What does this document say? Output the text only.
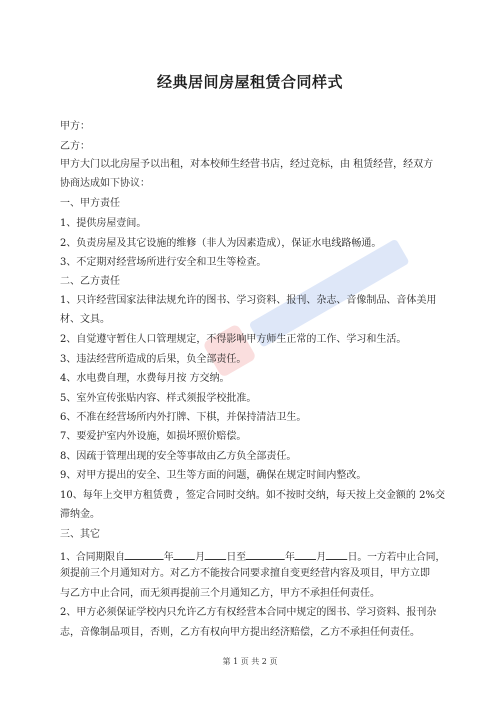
经典居间房屋租赁合同样式
甲方：
乙方：
甲方大门以北房屋予以出租，对本校师生经营书店，经过竞标，由 租赁经营，经双方
协商达成如下协议：
一、甲方责任
1、提供房屋壹间。
2、负责房屋及其它设施的维修（非人为因素造成），保证水电线路畅通。
3、不定期对经营场所进行安全和卫生等检查。
二、乙方责任
1、只许经营国家法律法规允许的图书、学习资料、报刊、杂志、音像制品、音体美用
材、文具。
2、自觉遵守暂住人口管理规定，不得影响甲方师生正常的工作、学习和生活。
3、违法经营所造成的后果，负全部责任。
4、水电费自理，水费每月按 方交纳。
5、室外宣传张贴内容、样式须报学校批准。
6、不准在经营场所内外打牌、下棋，并保持清洁卫生。
7、要爱护室内外设施，如损坏照价赔偿。
8、因疏于管理出现的安全等事故由乙方负全部责任。
9、对甲方提出的安全、卫生等方面的问题，确保在规定时间内整改。
10、每年上交甲方租赁费 ，签定合同时交纳。如不按时交纳，每天按上交金额的 2%交
滞纳金。
三、其它
1、合同期限自	年 月 日至	年 月 日。一方若中止合同，
须提前三个月通知对方。对乙方不能按合同要求擅自变更经营内容及项目，甲方立即
与乙方中止合同，而无须再提前三个月通知乙方，甲方不承担任何责任。
2、甲方必须保证学校内只允许乙方有权经营本合同中规定的图书、学习资料、报刊杂
志，音像制品项目，否则，乙方有权向甲方提出经济赔偿，乙方不承担任何责任。
第 1 页 共 2 页
